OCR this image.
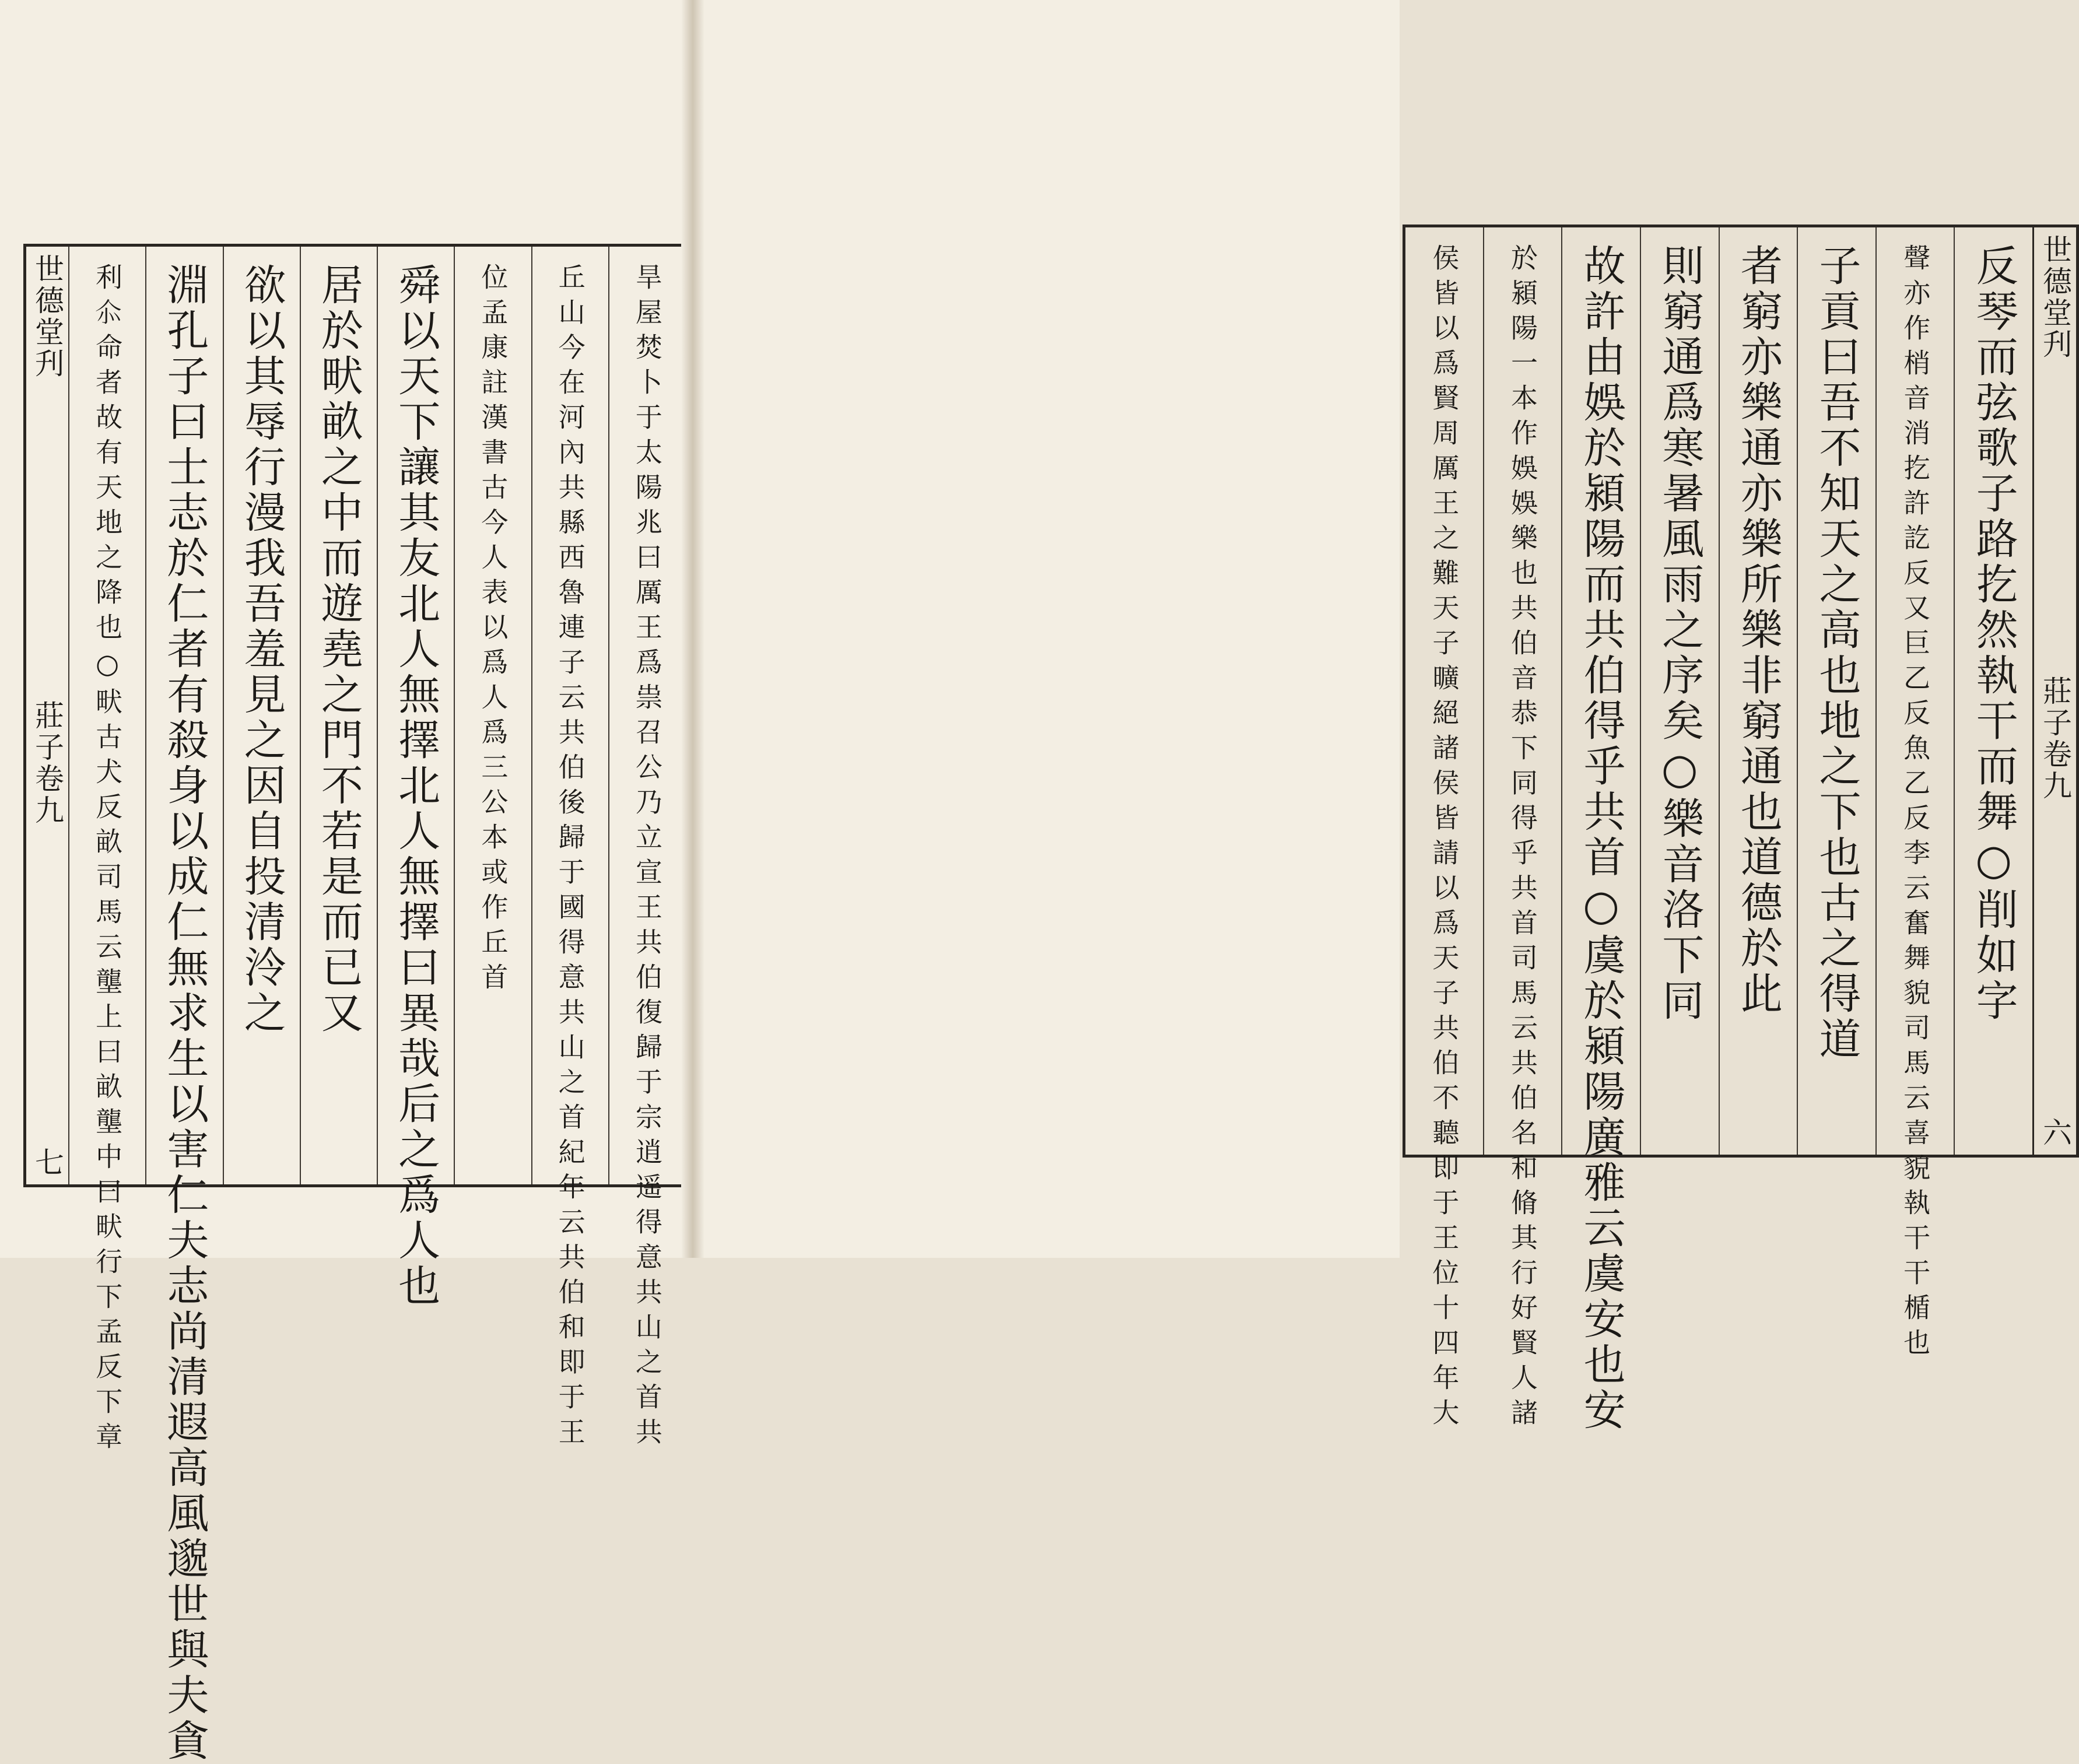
世德堂刋
莊子卷九
六
反琴而弦歌子路扢然執干而舞○削如字
聲亦作梢音消扢許訖反又巨乙反魚乙反李云奮舞貌司馬云喜貌執干干楯也
子貢曰吾不知天之高也地之下也古之得道
者窮亦樂通亦樂所樂非窮通也道德於此
則窮通爲寒暑風雨之序矣○樂音洛下同
故許由娛於潁陽而共伯得乎共首○虞於潁陽廣雅云虞安也安
於潁陽一本作娛娛樂也共伯音恭下同得乎共首司馬云共伯名和脩其行好賢人諸
侯皆以爲賢周厲王之難天子曠絕諸侯皆請以爲天子共伯不聽即于王位十四年大
旱屋焚卜于太陽兆曰厲王爲祟召公乃立宣王共伯復歸于宗逍遥得意共山之首共
丘山今在河內共縣西魯連子云共伯後歸于國得意共山之首紀年云共伯和即于王
位孟康註漢書古今人表以爲人爲三公本或作丘首
舜以天下讓其友北人無擇北人無擇曰異哉后之爲人也
居於畎畝之中而遊堯之門不若是而已又
欲以其辱行漫我吾羞見之因自投清泠之
淵孔子曰士志於仁者有殺身以成仁無求生以害仁夫志尚清遐高風邈世與夫貪
利𠇍命者故有天地之降也○畎古犬反畝司馬云壟上曰畝壟中曰畎行下孟反下章
世德堂刋
莊子卷九
七
